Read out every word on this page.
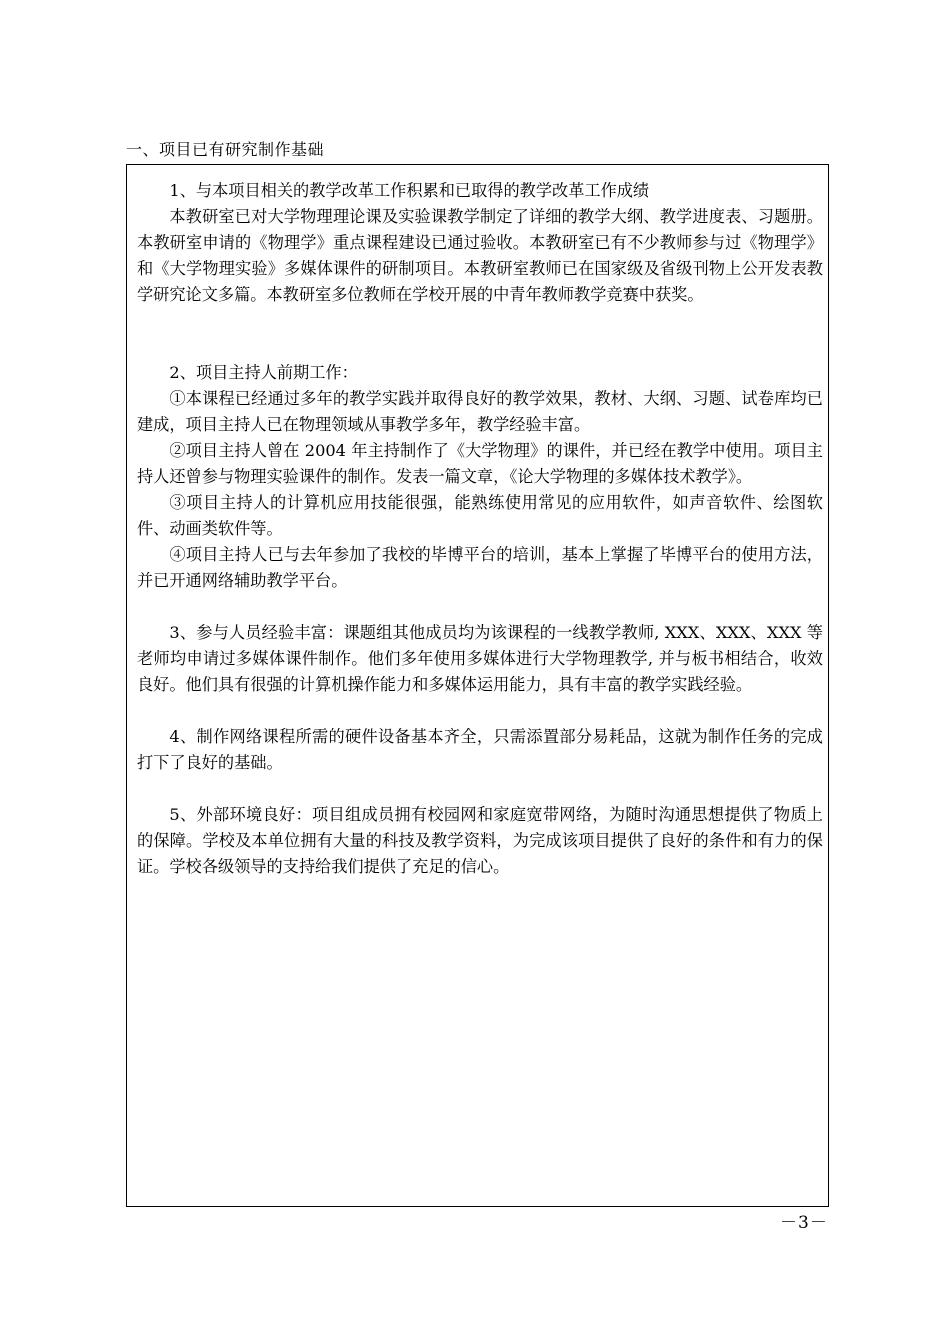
一、项目已有研究制作基础

1、与本项目相关的教学改革工作积累和已取得的教学改革工作成绩

本教研室已对大学物理理论课及实验课教学制定了详细的教学大纲、教学进度表、习题册。本教研室申请的《物理学》重点课程建设已通过验收。本教研室已有不少教师参与过《物理学》和《大学物理实验》多媒体课件的研制项目。本教研室教师已在国家级及省级刊物上公开发表教学研究论文多篇。本教研室多位教师在学校开展的中青年教师教学竞赛中获奖。

2、项目主持人前期工作：

①本课程已经通过多年的教学实践并取得良好的教学效果，教材、大纲、习题、试卷库均已建成，项目主持人已在物理领域从事教学多年，教学经验丰富。

②项目主持人曾在 2004 年主持制作了《大学物理》的课件，并已经在教学中使用。项目主持人还曾参与物理实验课件的制作。发表一篇文章，《论大学物理的多媒体技术教学》。

③项目主持人的计算机应用技能很强，能熟练使用常见的应用软件，如声音软件、绘图软件、动画类软件等。

④项目主持人已与去年参加了我校的毕博平台的培训，基本上掌握了毕博平台的使用方法，并已开通网络辅助教学平台。

3、参与人员经验丰富：课题组其他成员均为该课程的一线教学教师, XXX、XXX、XXX 等老师均申请过多媒体课件制作。他们多年使用多媒体进行大学物理教学, 并与板书相结合，收效良好。他们具有很强的计算机操作能力和多媒体运用能力，具有丰富的教学实践经验。

4、制作网络课程所需的硬件设备基本齐全，只需添置部分易耗品，这就为制作任务的完成打下了良好的基础。

5、外部环境良好：项目组成员拥有校园网和家庭宽带网络，为随时沟通思想提供了物质上的保障。学校及本单位拥有大量的科技及教学资料，为完成该项目提供了良好的条件和有力的保证。学校各级领导的支持给我们提供了充足的信心。

－3－
